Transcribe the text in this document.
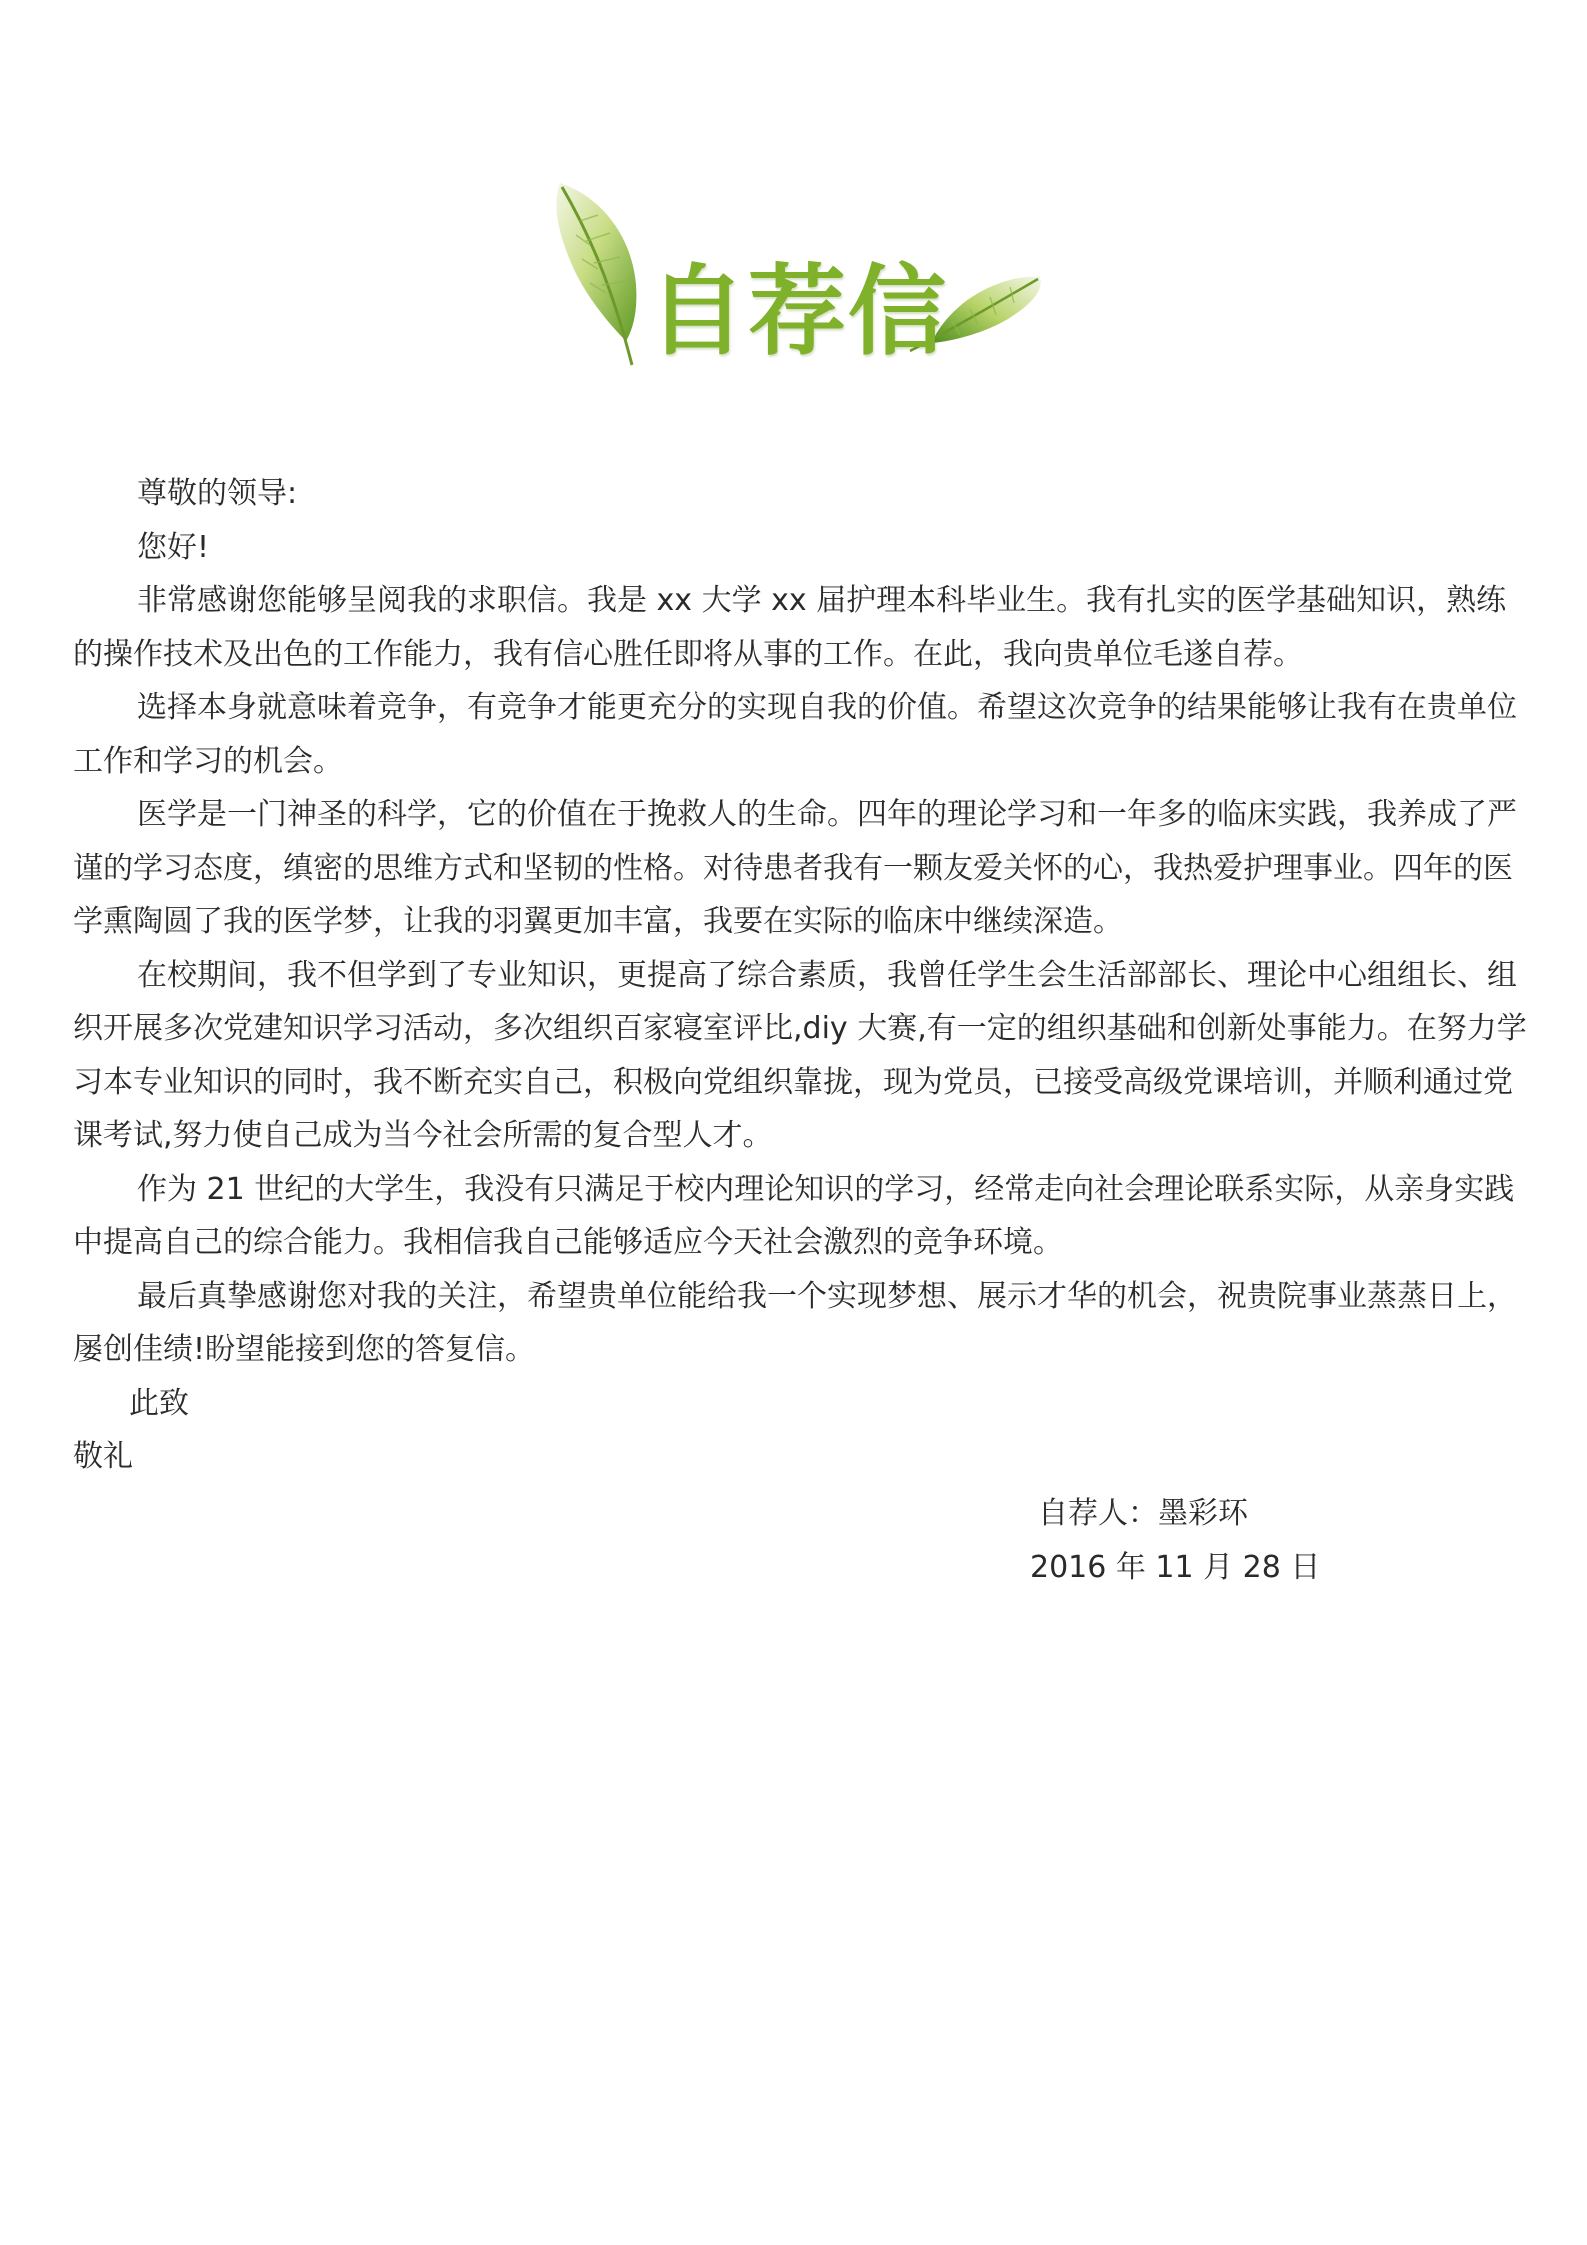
自荐信

尊敬的领导:

您好!

非常感谢您能够呈阅我的求职信。我是 xx 大学 xx 届护理本科毕业生。我有扎实的医学基础知识，熟练的操作技术及出色的工作能力，我有信心胜任即将从事的工作。在此，我向贵单位毛遂自荐。

选择本身就意味着竞争，有竞争才能更充分的实现自我的价值。希望这次竞争的结果能够让我有在贵单位工作和学习的机会。

医学是一门神圣的科学，它的价值在于挽救人的生命。四年的理论学习和一年多的临床实践，我养成了严谨的学习态度，缜密的思维方式和坚韧的性格。对待患者我有一颗友爱关怀的心，我热爱护理事业。四年的医学熏陶圆了我的医学梦，让我的羽翼更加丰富，我要在实际的临床中继续深造。

在校期间，我不但学到了专业知识，更提高了综合素质，我曾任学生会生活部部长、理论中心组组长、组织开展多次党建知识学习活动，多次组织百家寝室评比,diy 大赛,有一定的组织基础和创新处事能力。在努力学习本专业知识的同时，我不断充实自己，积极向党组织靠拢，现为党员，已接受高级党课培训，并顺利通过党课考试,努力使自己成为当今社会所需的复合型人才。

作为 21 世纪的大学生，我没有只满足于校内理论知识的学习，经常走向社会理论联系实际，从亲身实践中提高自己的综合能力。我相信我自己能够适应今天社会激烈的竞争环境。

最后真挚感谢您对我的关注，希望贵单位能给我一个实现梦想、展示才华的机会，祝贵院事业蒸蒸日上，屡创佳绩!盼望能接到您的答复信。

此致

敬礼

自荐人：墨彩环

2016 年 11 月 28 日
